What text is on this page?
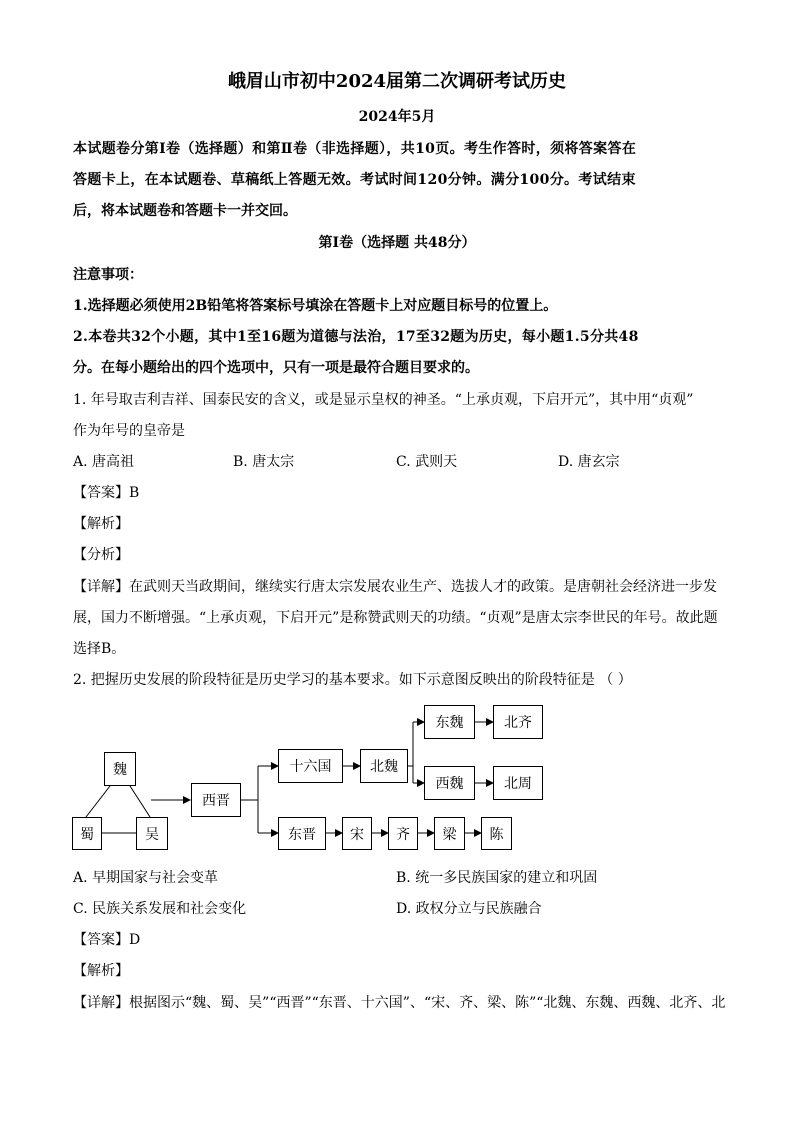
峨眉山市初中2024届第二次调研考试历史
2024年5月
本试题卷分第Ⅰ卷（选择题）和第Ⅱ卷（非选择题），共10页。考生作答时，须将答案答在
答题卡上，在本试题卷、草稿纸上答题无效。考试时间120分钟。满分100分。考试结束
后，将本试题卷和答题卡一并交回。
第Ⅰ卷（选择题 共48分）
注意事项：
1.选择题必须使用2B铅笔将答案标号填涂在答题卡上对应题目标号的位置上。
2.本卷共32个小题，其中1至16题为道德与法治，17至32题为历史，每小题1.5分共48
分。在每小题给出的四个选项中，只有一项是最符合题目要求的。
1. 年号取吉利吉祥、国泰民安的含义，或是显示皇权的神圣。“上承贞观，下启开元”，其中用“贞观”
作为年号的皇帝是
A. 唐高祖	B. 唐太宗	C. 武则天	D. 唐玄宗
【答案】B
【解析】
【分析】
【详解】在武则天当政期间，继续实行唐太宗发展农业生产、选拔人才的政策。是唐朝社会经济进一步发
展，国力不断增强。“上承贞观，下启开元”是称赞武则天的功绩。“贞观”是唐太宗李世民的年号。故此题
选择B。
2. 把握历史发展的阶段特征是历史学习的基本要求。如下示意图反映出的阶段特征是 （ ）
魏
蜀	吴
西晋
十六国	北魏
东魏	北齐
西魏	北周
东晋	宋	齐	梁	陈
A. 早期国家与社会变革	B. 统一多民族国家的建立和巩固
C. 民族关系发展和社会变化	D. 政权分立与民族融合
【答案】D
【解析】
【详解】根据图示“魏、蜀、吴”“西晋”“东晋、十六国”、“宋、齐、梁、陈”“北魏、东魏、西魏、北齐、北
